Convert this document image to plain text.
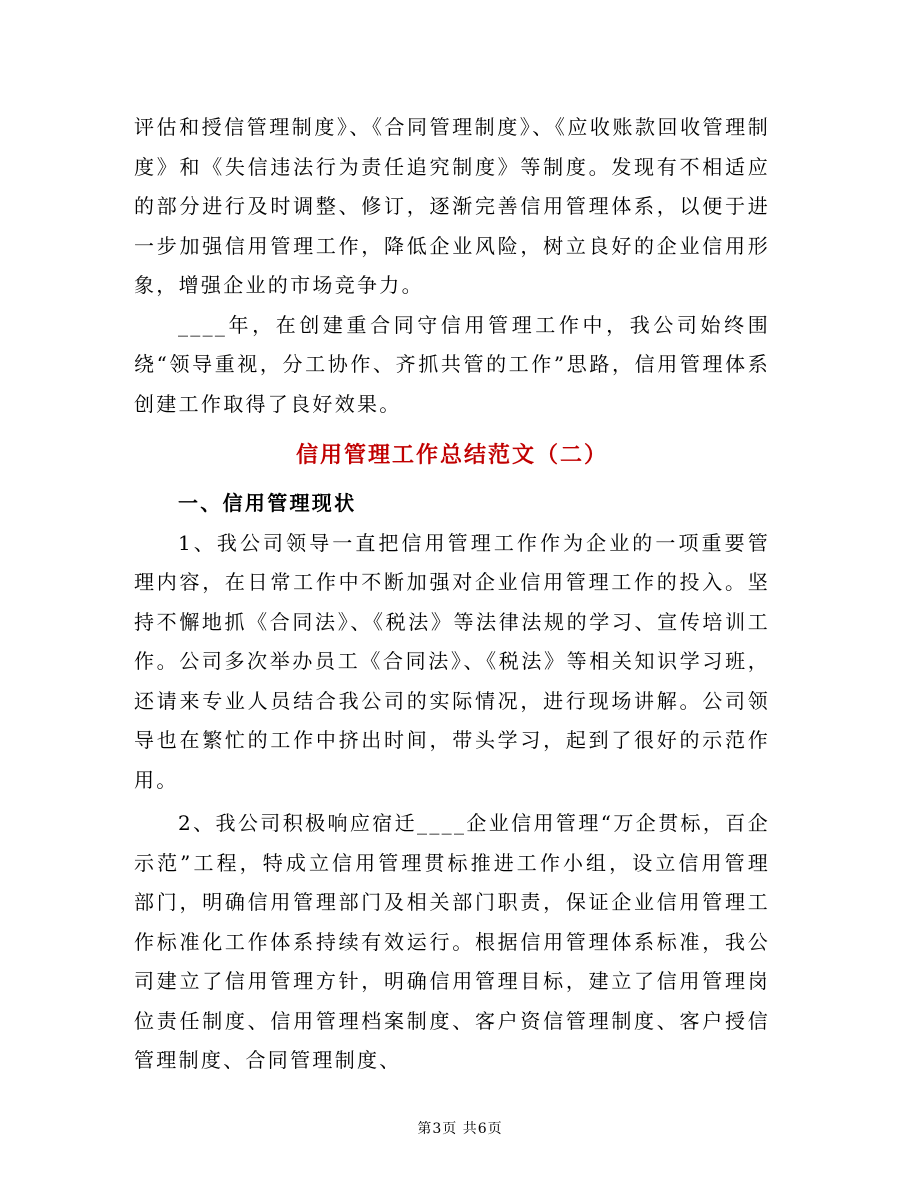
评估和授信管理制度》、《合同管理制度》、《应收账款回收管理制度》和《失信违法行为责任追究制度》等制度。发现有不相适应的部分进行及时调整、修订，逐渐完善信用管理体系，以便于进一步加强信用管理工作，降低企业风险，树立良好的企业信用形象，增强企业的市场竞争力。

____年，在创建重合同守信用管理工作中，我公司始终围绕“领导重视，分工协作、齐抓共管的工作”思路，信用管理体系创建工作取得了良好效果。

信用管理工作总结范文（二）
一、信用管理现状

1、我公司领导一直把信用管理工作作为企业的一项重要管理内容，在日常工作中不断加强对企业信用管理工作的投入。坚持不懈地抓《合同法》、《税法》等法律法规的学习、宣传培训工作。公司多次举办员工《合同法》、《税法》等相关知识学习班，还请来专业人员结合我公司的实际情况，进行现场讲解。公司领导也在繁忙的工作中挤出时间，带头学习，起到了很好的示范作用。

2、我公司积极响应宿迁____企业信用管理“万企贯标，百企示范”工程，特成立信用管理贯标推进工作小组，设立信用管理部门，明确信用管理部门及相关部门职责，保证企业信用管理工作标准化工作体系持续有效运行。根据信用管理体系标准，我公司建立了信用管理方针，明确信用管理目标，建立了信用管理岗位责任制度、信用管理档案制度、客户资信管理制度、客户授信管理制度、合同管理制度、

第3页 共6页
